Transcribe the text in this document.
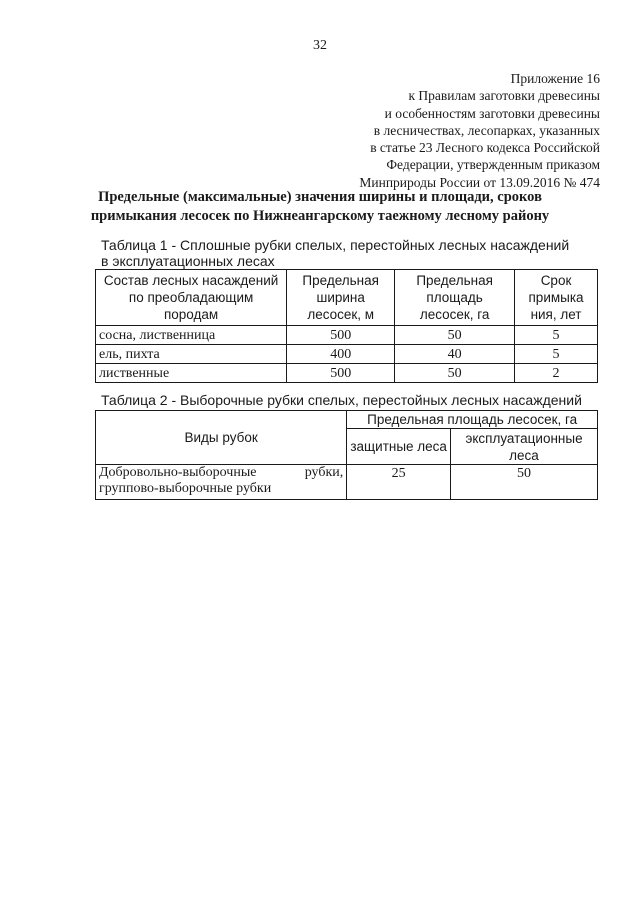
32
Приложение 16
к Правилам заготовки древесины
и особенностям заготовки древесины
в лесничествах, лесопарках, указанных
в статье 23 Лесного кодекса Российской
Федерации, утвержденным приказом
Минприроды России от 13.09.2016 № 474
Предельные (максимальные) значения ширины и площади, сроков
примыкания лесосек по Нижнеангарскому таежному лесному району
Таблица 1 - Сплошные рубки спелых, перестойных лесных насаждений
в эксплуатационных лесах
Состав лесных насаждений по преобладающим породам	Предельная ширина лесосек, м	Предельная площадь лесосек, га	Срок примыка ния, лет
сосна, лиственница	500	50	5
ель, пихта	400	40	5
лиственные	500	50	2
Таблица 2 - Выборочные рубки спелых, перестойных лесных насаждений
Виды рубок	Предельная площадь лесосек, га	
	защитные леса	эксплуатационные леса

Добровольно-выборочные рубки,
группово-выборочные рубки	25	50
